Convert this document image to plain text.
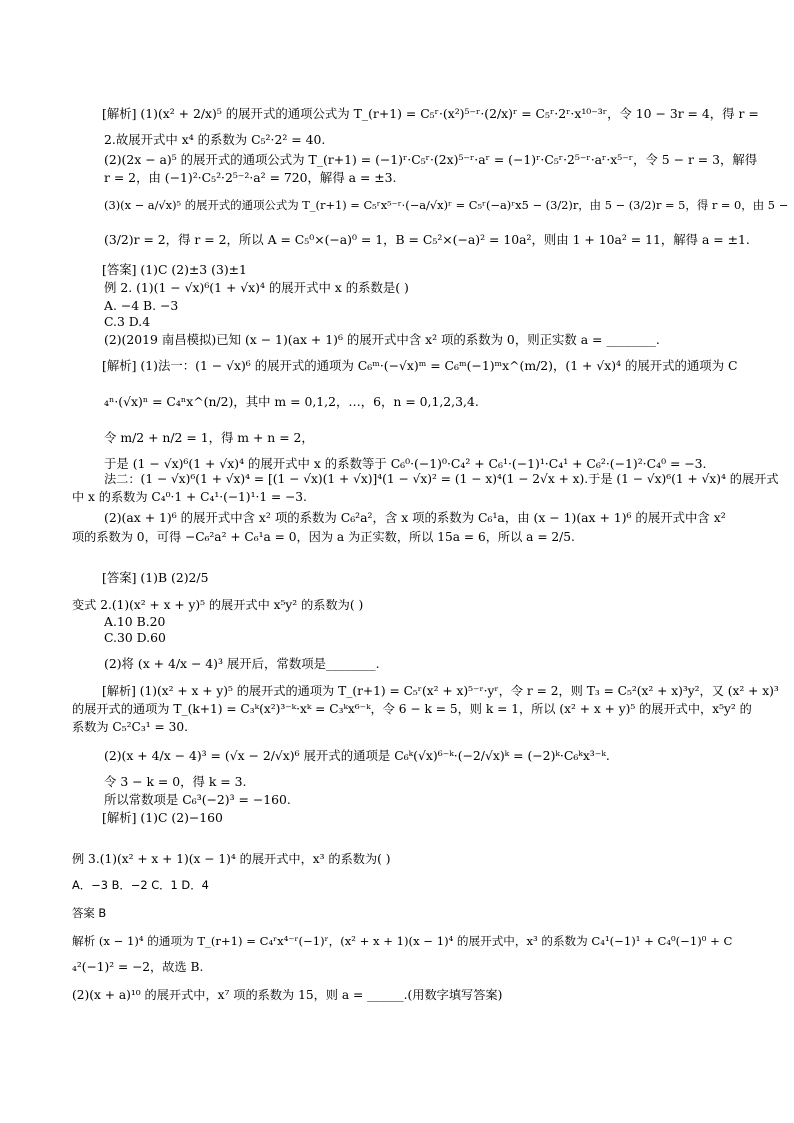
[解析] (1)(x² + 2/x)⁵ 的展开式的通项公式为 T_(r+1) = C₅ʳ·(x²)⁵⁻ʳ·(2/x)ʳ = C₅ʳ·2ʳ·x¹⁰⁻³ʳ，令 10 − 3r = 4，得 r =
2.故展开式中 x⁴ 的系数为 C₅²·2² = 40.
(2)(2x − a)⁵ 的展开式的通项公式为 T_(r+1) = (−1)ʳ·C₅ʳ·(2x)⁵⁻ʳ·aʳ = (−1)ʳ·C₅ʳ·2⁵⁻ʳ·aʳ·x⁵⁻ʳ，令 5 − r = 3，解得
r = 2，由 (−1)²·C₅²·2⁵⁻²·a² = 720，解得 a = ±3.
(3)(x − a/√x)⁵ 的展开式的通项公式为 T_(r+1) = C₅ʳx⁵⁻ʳ·(−a/√x)ʳ = C₅ʳ(−a)ʳx5 − (3/2)r，由 5 − (3/2)r = 5，得 r = 0，由 5 −
(3/2)r = 2，得 r = 2，所以 A = C₅⁰×(−a)⁰ = 1，B = C₅²×(−a)² = 10a²，则由 1 + 10a² = 11，解得 a = ±1.
[答案] (1)C (2)±3 (3)±1
例 2. (1)(1 − √x)⁶(1 + √x)⁴ 的展开式中 x 的系数是( )
A. −4 B. −3
C.3 D.4
(2)(2019 南昌模拟)已知 (x − 1)(ax + 1)⁶ 的展开式中含 x² 项的系数为 0，则正实数 a = ________.
[解析] (1)法一：(1 − √x)⁶ 的展开式的通项为 C₆ᵐ·(−√x)ᵐ = C₆ᵐ(−1)ᵐx^(m/2)，(1 + √x)⁴ 的展开式的通项为 C
₄ⁿ·(√x)ⁿ = C₄ⁿx^(n/2)，其中 m = 0,1,2，…，6，n = 0,1,2,3,4.
令 m/2 + n/2 = 1，得 m + n = 2，
于是 (1 − √x)⁶(1 + √x)⁴ 的展开式中 x 的系数等于 C₆⁰·(−1)⁰·C₄² + C₆¹·(−1)¹·C₄¹ + C₆²·(−1)²·C₄⁰ = −3.
法二：(1 − √x)⁶(1 + √x)⁴ = [(1 − √x)(1 + √x)]⁴(1 − √x)² = (1 − x)⁴(1 − 2√x + x).于是 (1 − √x)⁶(1 + √x)⁴ 的展开式
中 x 的系数为 C₄⁰·1 + C₄¹·(−1)¹·1 = −3.
(2)(ax + 1)⁶ 的展开式中含 x² 项的系数为 C₆²a²，含 x 项的系数为 C₆¹a，由 (x − 1)(ax + 1)⁶ 的展开式中含 x²
项的系数为 0，可得 −C₆²a² + C₆¹a = 0，因为 a 为正实数，所以 15a = 6，所以 a = 2/5.
[答案] (1)B (2)2/5
变式 2.(1)(x² + x + y)⁵ 的展开式中 x⁵y² 的系数为( )
A.10 B.20
C.30 D.60
(2)将 (x + 4/x − 4)³ 展开后，常数项是________.
[解析] (1)(x² + x + y)⁵ 的展开式的通项为 T_(r+1) = C₅ʳ(x² + x)⁵⁻ʳ·yʳ，令 r = 2，则 T₃ = C₅²(x² + x)³y²，又 (x² + x)³
的展开式的通项为 T_(k+1) = C₃ᵏ(x²)³⁻ᵏ·xᵏ = C₃ᵏx⁶⁻ᵏ，令 6 − k = 5，则 k = 1，所以 (x² + x + y)⁵ 的展开式中，x⁵y² 的
系数为 C₅²C₃¹ = 30.
(2)(x + 4/x − 4)³ = (√x − 2/√x)⁶ 展开式的通项是 C₆ᵏ(√x)⁶⁻ᵏ·(−2/√x)ᵏ = (−2)ᵏ·C₆ᵏx³⁻ᵏ.
令 3 − k = 0，得 k = 3.
所以常数项是 C₆³(−2)³ = −160.
[解析] (1)C (2)−160
例 3.(1)(x² + x + 1)(x − 1)⁴ 的展开式中，x³ 的系数为( )
A．−3 B．−2 C．1 D．4
答案 B
解析 (x − 1)⁴ 的通项为 T_(r+1) = C₄ʳx⁴⁻ʳ(−1)ʳ，(x² + x + 1)(x − 1)⁴ 的展开式中，x³ 的系数为 C₄¹(−1)¹ + C₄⁰(−1)⁰ + C
₄²(−1)² = −2，故选 B.
(2)(x + a)¹⁰ 的展开式中，x⁷ 项的系数为 15，则 a = ______.(用数字填写答案)
